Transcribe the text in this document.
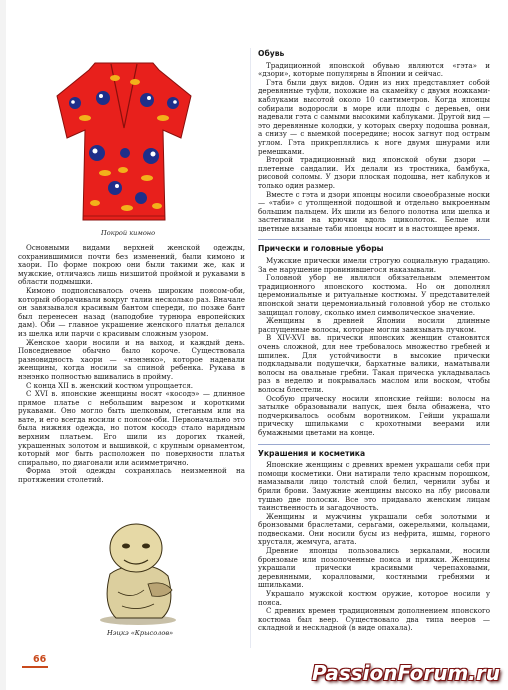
Покрой кимоно

Основными видами верхней женской одежды, сохранившимися почти без изменений, были кимоно и хаори. По форме покрою они были такими же, как и мужские, отличаясь лишь низшитой проймой и рукавами в области подмышки.

Кимоно подпоясывалось очень широким поясом-оби, который оборачивали вокруг талии несколько раз. Вначале он завязывался красивым бантом спереди, по позже бант был перенесен назад (наподобие турнюра европейских дам). Оби — главное украшение женского платья делался из шелка или парчи с красивым сложным узором.

Женское хаори носили и на выход, и каждый день. Повседневное обычно было короче. Существовала разновидность хаори — «нэнэнко», которое надевали женщины, когда носили за спиной ребенка. Рукава в нэнэнко полностью вшивались в пройму.

С конца XII в. женский костюм упрощается.

С XVI в. японские женщины носят «косодэ» — длинное прямое платье с небольшим вырезом и короткими рукавами. Оно могло быть шелковым, стеганым или на вате, и его всегда носили с поясом-оби. Первоначально это была нижняя одежда, но потом косодэ стало нарядным верхним платьем. Его шили из дорогих тканей, украшенных золотом и вышивкой, с крупным орнаментом, который мог быть расположен по поверхности платья спирально, по диагонали или асимметрично.

Форма этой одежды сохранялась неизменной на протяжении столетий.

Нэцкэ «Крысолов»
Обувь

Традиционной японской обувью являются «гэта» и «дзори», которые популярны в Японии и сейчас.

Гэта были двух видов. Один из них представляет собой деревянные туфли, похожие на скамейку с двумя ножками-каблуками высотой около 10 сантиметров. Когда японцы собирали водоросли в море или плоды с деревьев, они надевали гэта с самыми высокими каблуками. Другой вид — это деревянные колодки, у которых сверху подошва ровная, а снизу — с выемкой посередине; носок загнут под острым углом. Гэта прикреплялись к ноге двумя шнурами или ремешками.

Второй традиционный вид японской обуви дзори — плетеные сандалии. Их делали из тростника, бамбука, рисовой соломы. У дзори плоская подошва, нет каблуков и только один размер.

Вместе с гэта и дзори японцы носили своеобразные носки — «таби» с утолщенной подошвой и отдельно выкроенным большим пальцем. Их шили из белого полотна или шелка и застегивали на крючки вдоль щиколоток. Белые или цветные вязаные таби японцы носят и в настоящее время.

Прически и головные уборы

Мужские прически имели строгую социальную градацию. За ее нарушение провинившегося наказывали.

Головной убор не являлся обязательным элементом традиционного японского костюма. Но он дополнял церемониальные и ритуальные костюмы. У представителей японской знати церемониальный головной убор не столько защищал голову, сколько имел символическое значение.

Женщины в древней Японии носили длинные распущенные волосы, которые могли завязывать пучком.

В XIV-XVI вв. прически японских женщин становятся очень сложной, для нее требовалось множество гребней и шпилек. Для устойчивости в высокие прически подкладывали подушечки, бархатные валики, наматывали волосы на овальные гребни. Такая прическа укладывалась раз в неделю и покрывалась маслом или воском, чтобы волосы блестели.

Особую прическу носили японские гейши: волосы на затылке образовывали напуск, шея была обнажена, что подчеркивалось особым воротником. Гейши украшали прическу шпильками с крохотными веерами или бумажными цветами на конце.

Украшения и косметика

Японские женщины с древних времен украшали себя при помощи косметики. Они натирали тело красным порошком, намазывали лицо толстый слой белил, чернили зубы и брили брови. Замужние женщины высоко на лбу рисовали тушью две полоски. Все это придавало женским лицам таинственность и загадочность.

Женщины и мужчины украшали себя золотыми и бронзовыми браслетами, серьгами, ожерельями, кольцами, подвесками. Они носили бусы из нефрита, яшмы, горного хрусталя, жемчуга, агата.

Древние японцы пользовались зеркалами, носили бронзовые или позолоченные пояса и пряжки. Женщины украшали прически красивыми черепаховыми, деревянными, коралловыми, костяными гребнями и шпильками.

Украшало мужской костюм оружие, которое носили у пояса.

С древних времен традиционным дополнением японского костюма был веер. Существовало два типа вееров — складной и нескладной (в виде опахала).

66
PassionForum.ru
